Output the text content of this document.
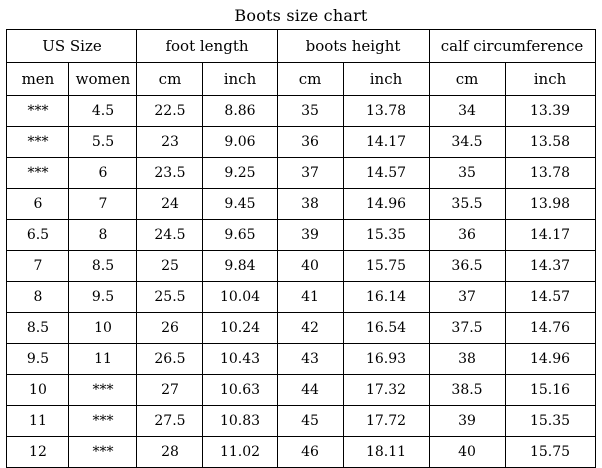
Boots size chart
US Size		foot length		boots height		calf circumference	
men	women	cm	inch	cm	inch	cm	inch
***	4.5	22.5	8.86	35	13.78	34	13.39
***	5.5	23	9.06	36	14.17	34.5	13.58
***	6	23.5	9.25	37	14.57	35	13.78
6	7	24	9.45	38	14.96	35.5	13.98
6.5	8	24.5	9.65	39	15.35	36	14.17
7	8.5	25	9.84	40	15.75	36.5	14.37
8	9.5	25.5	10.04	41	16.14	37	14.57
8.5	10	26	10.24	42	16.54	37.5	14.76
9.5	11	26.5	10.43	43	16.93	38	14.96
10	***	27	10.63	44	17.32	38.5	15.16
11	***	27.5	10.83	45	17.72	39	15.35
12	***	28	11.02	46	18.11	40	15.75
